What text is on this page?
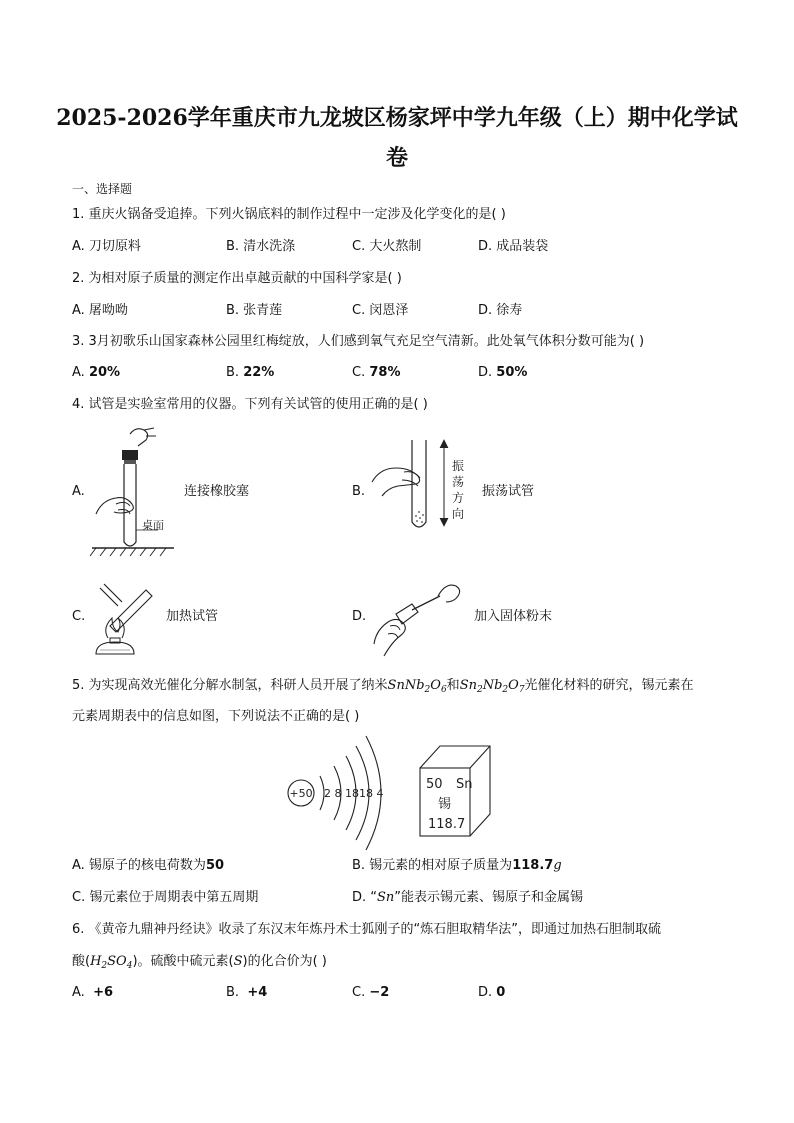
2025-2026学年重庆市九龙坡区杨家坪中学九年级（上）期中化学试
卷
一、选择题
1. 重庆火锅备受追捧。下列火锅底料的制作过程中一定涉及化学变化的是( )
A. 刀切原料	B. 清水洗涤	C. 大火熬制	D. 成品装袋
2. 为相对原子质量的测定作出卓越贡献的中国科学家是( )
A. 屠呦呦	B. 张青莲	C. 闵恩泽	D. 徐寿
3. 3月初歌乐山国家森林公园里红梅绽放，人们感到氧气充足空气清新。此处氧气体积分数可能为( )
A. 20%	B. 22%	C. 78%	D. 50%
4. 试管是实验室常用的仪器。下列有关试管的使用正确的是( )
A.
桌面
连接橡胶塞	B.
振
荡
方
向
振荡试管
C.	加热试管	D.	加入固体粉末
5. 为实现高效光催化分解水制氢，科研人员开展了纳米$SnNb_2O_6$和$Sn_2Nb_2O_7$光催化材料的研究，锡元素在
元素周期表中的信息如图，下列说法不正确的是( )
+50 2 8 1818 4
50 Sn
锡
118.7
A. 锡原子的核电荷数为50	B. 锡元素的相对原子质量为118.7g
C. 锡元素位于周期表中第五周期	D. “Sn”能表示锡元素、锡原子和金属锡
6. 《黄帝九鼎神丹经诀》收录了东汉末年炼丹术士狐刚子的“炼石胆取精华法”，即通过加热石胆制取硫
酸$(H_2SO_4)$。硫酸中硫元素(S)的化合价为( )
A. +6	B. +4	C. −2	D. 0
